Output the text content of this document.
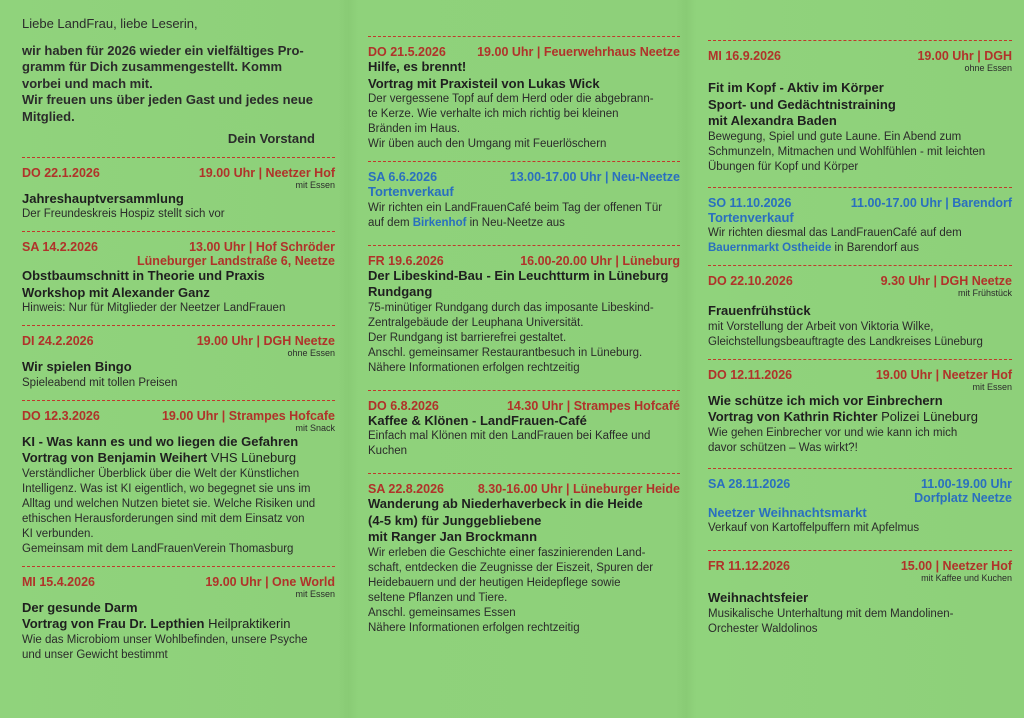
Liebe LandFrau, liebe Leserin,

wir haben für 2026 wieder ein vielfältiges Pro-

gramm für Dich zusammengestellt. Komm

vorbei und mach mit.

Wir freuen uns über jeden Gast und jedes neue

Mitglied.

Dein Vorstand

DO 22.1.2026	19.00 Uhr | Neetzer Hof
mit Essen
Jahreshauptversammlung
Der Freundeskreis Hospiz stellt sich vor
SA 14.2.2026	13.00 Uhr | Hof Schröder
Lüneburger Landstraße 6, Neetze
Obstbaumschnitt in Theorie und Praxis
Workshop mit Alexander Ganz
Hinweis: Nur für Mitglieder der Neetzer LandFrauen
DI 24.2.2026	19.00 Uhr | DGH Neetze
ohne Essen
Wir spielen Bingo
Spieleabend mit tollen Preisen
DO 12.3.2026	19.00 Uhr | Strampes Hofcafe
mit Snack
KI - Was kann es und wo liegen die Gefahren
Vortrag von Benjamin Weihert VHS Lüneburg
Verständlicher Überblick über die Welt der Künstlichen
Intelligenz. Was ist KI eigentlich, wo begegnet sie uns im
Alltag und welchen Nutzen bietet sie. Welche Risiken und
ethischen Herausforderungen sind mit dem Einsatz von
KI verbunden.
Gemeinsam mit dem LandFrauenVerein Thomasburg
MI 15.4.2026	19.00 Uhr | One World
mit Essen
Der gesunde Darm
Vortrag von Frau Dr. Lepthien Heilpraktikerin
Wie das Microbiom unser Wohlbefinden, unsere Psyche
und unser Gewicht bestimmt
DO 21.5.2026	19.00 Uhr | Feuerwehrhaus Neetze
Hilfe, es brennt!
Vortrag mit Praxisteil von Lukas Wick
Der vergessene Topf auf dem Herd oder die abgebrann-
te Kerze. Wie verhalte ich mich richtig bei kleinen
Bränden im Haus.
Wir üben auch den Umgang mit Feuerlöschern
SA 6.6.2026	13.00-17.00 Uhr | Neu-Neetze
Tortenverkauf
Wir richten ein LandFrauenCafé beim Tag der offenen Tür
auf dem Birkenhof in Neu-Neetze aus
FR 19.6.2026	16.00-20.00 Uhr | Lüneburg
Der Libeskind-Bau - Ein Leuchtturm in Lüneburg
Rundgang
75-minütiger Rundgang durch das imposante Libeskind-
Zentralgebäude der Leuphana Universität.
Der Rundgang ist barrierefrei gestaltet.
Anschl. gemeinsamer Restaurantbesuch in Lüneburg.
Nähere Informationen erfolgen rechtzeitig
DO 6.8.2026	14.30 Uhr | Strampes Hofcafé
Kaffee & Klönen - LandFrauen-Café
Einfach mal Klönen mit den LandFrauen bei Kaffee und
Kuchen
SA 22.8.2026	8.30-16.00 Uhr | Lüneburger Heide
Wanderung ab Niederhaverbeck in die Heide
(4-5 km) für Junggebliebene
mit Ranger Jan Brockmann
Wir erleben die Geschichte einer faszinierenden Land-
schaft, entdecken die Zeugnisse der Eiszeit, Spuren der
Heidebauern und der heutigen Heidepflege sowie
seltene Pflanzen und Tiere.
Anschl. gemeinsames Essen
Nähere Informationen erfolgen rechtzeitig
MI 16.9.2026	19.00 Uhr | DGH
ohne Essen
Fit im Kopf - Aktiv im Körper
Sport- und Gedächtnistraining
mit Alexandra Baden
Bewegung, Spiel und gute Laune. Ein Abend zum
Schmunzeln, Mitmachen und Wohlfühlen - mit leichten
Übungen für Kopf und Körper
SO 11.10.2026	11.00-17.00 Uhr | Barendorf
Tortenverkauf
Wir richten diesmal das LandFrauenCafé auf dem
Bauernmarkt Ostheide in Barendorf aus
DO 22.10.2026	9.30 Uhr | DGH Neetze
mit Frühstück
Frauenfrühstück
mit Vorstellung der Arbeit von Viktoria Wilke,
Gleichstellungsbeauftragte des Landkreises Lüneburg
DO 12.11.2026	19.00 Uhr | Neetzer Hof
mit Essen
Wie schütze ich mich vor Einbrechern
Vortrag von Kathrin Richter Polizei Lüneburg
Wie gehen Einbrecher vor und wie kann ich mich
davor schützen – Was wirkt?!
SA 28.11.2026	11.00-19.00 Uhr
Dorfplatz Neetze
Neetzer Weihnachtsmarkt
Verkauf von Kartoffelpuffern mit Apfelmus
FR 11.12.2026	15.00 | Neetzer Hof
mit Kaffee und Kuchen
Weihnachtsfeier
Musikalische Unterhaltung mit dem Mandolinen-
Orchester Waldolinos
